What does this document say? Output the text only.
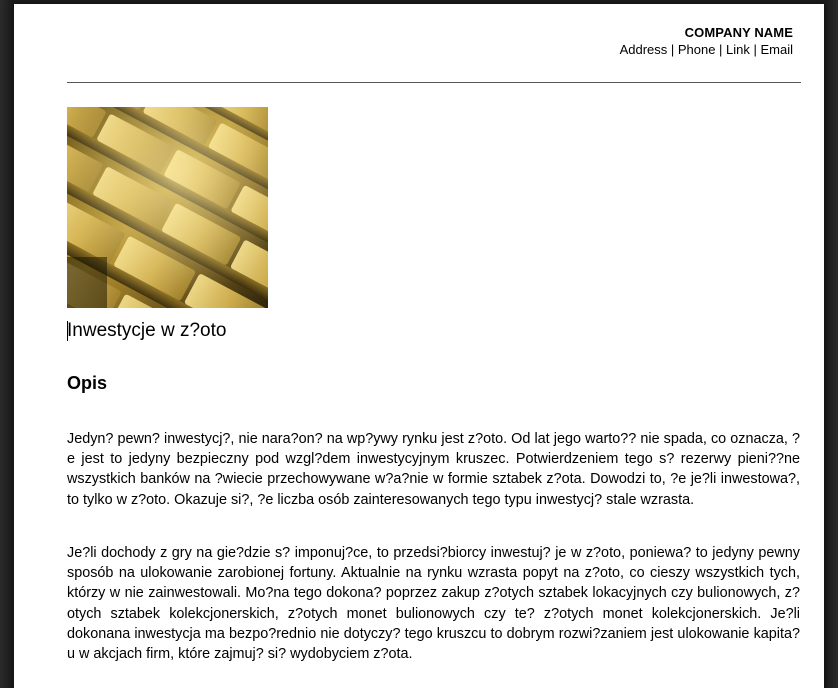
COMPANY NAME
Address | Phone | Link | Email
Inwestycje w z?oto
Opis

Jedyn? pewn? inwestycj?, nie nara?on? na wp?ywy rynku jest z?oto. Od lat jego warto?? nie spada, co oznacza, ?e jest to jedyny bezpieczny pod wzgl?dem inwestycyjnym kruszec. Potwierdzeniem tego s? rezerwy pieni??ne wszystkich banków na ?wiecie przechowywane w?a?nie w formie sztabek z?ota. Dowodzi to, ?e je?li inwestowa?, to tylko w z?oto. Okazuje si?, ?e liczba osób zainteresowanych tego typu inwestycj? stale wzrasta.

Je?li dochody z gry na gie?dzie s? imponuj?ce, to przedsi?biorcy inwestuj? je w z?oto, poniewa? to jedyny pewny sposób na ulokowanie zarobionej fortuny. Aktualnie na rynku wzrasta popyt na z?oto, co cieszy wszystkich tych, którzy w nie zainwestowali. Mo?na tego dokona? poprzez zakup z?otych sztabek lokacyjnych czy bulionowych, z?otych sztabek kolekcjonerskich, z?otych monet bulionowych czy te? z?otych monet kolekcjonerskich. Je?li dokonana inwestycja ma bezpo?rednio nie dotyczy? tego kruszcu to dobrym rozwi?zaniem jest ulokowanie kapita?u w akcjach firm, które zajmuj? si? wydobyciem z?ota.
